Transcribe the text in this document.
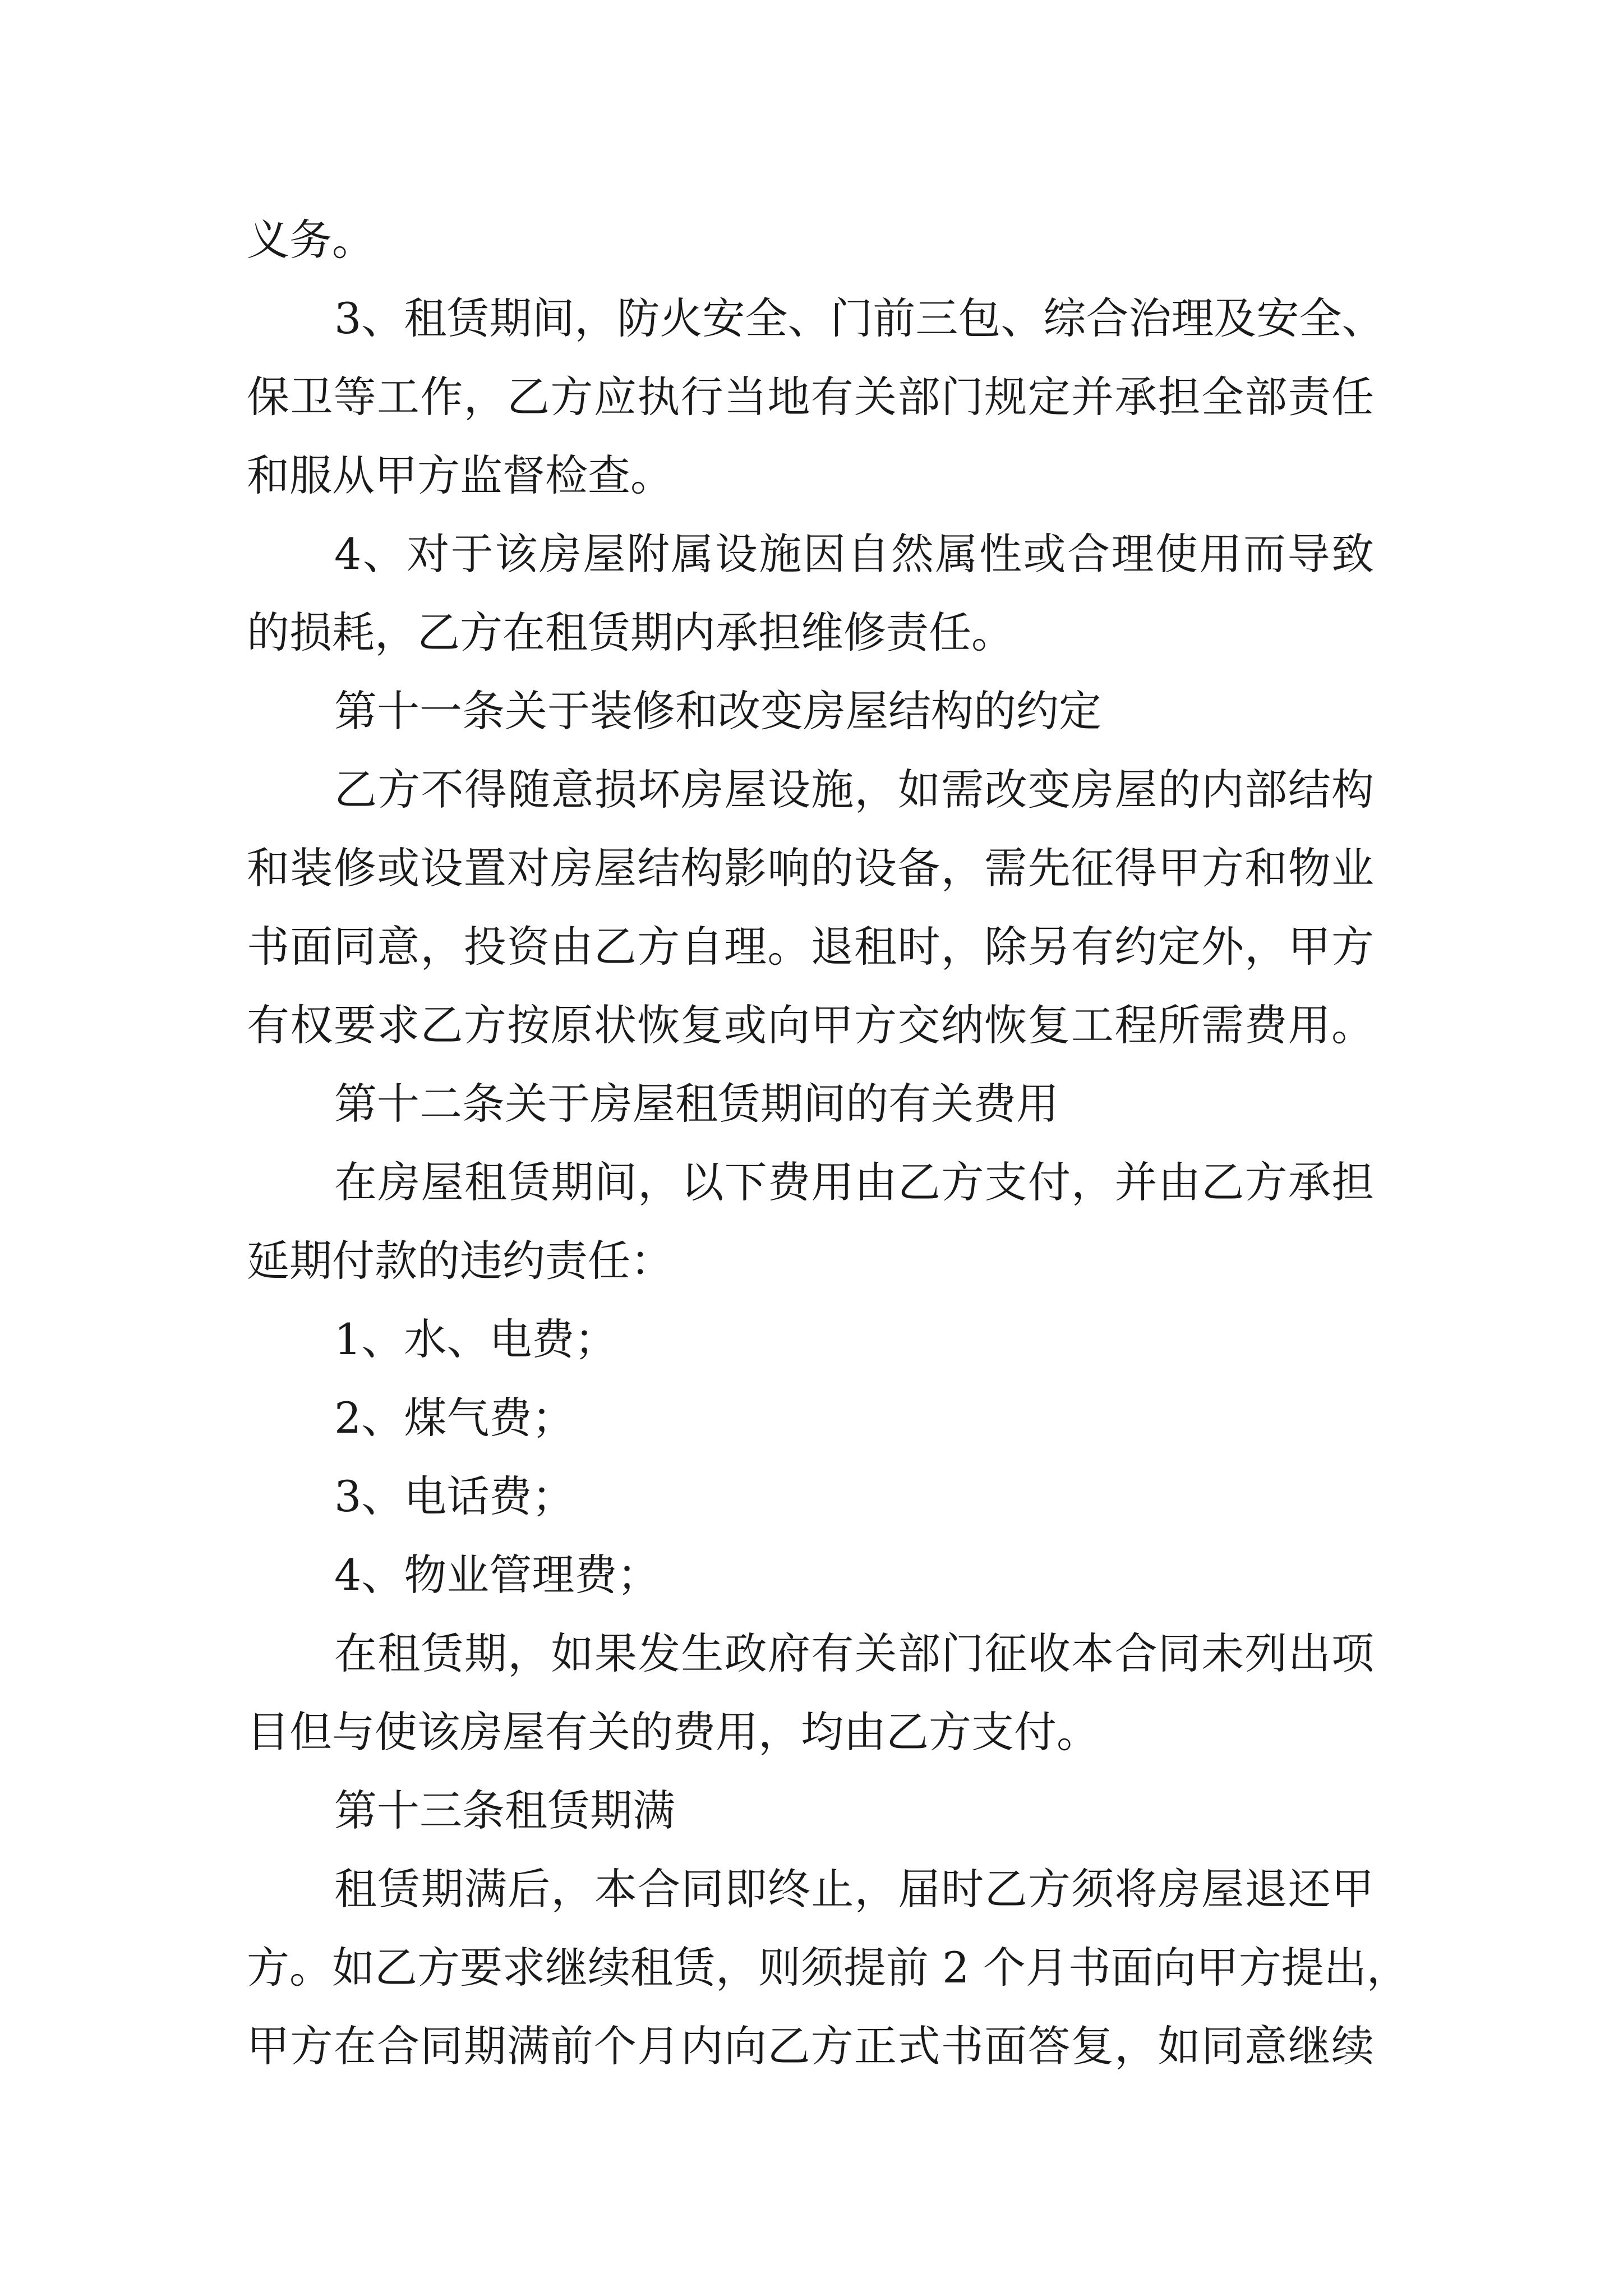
义务。
3、租赁期间，防火安全、门前三包、综合治理及安全、
保卫等工作，乙方应执行当地有关部门规定并承担全部责任
和服从甲方监督检查。
4、对于该房屋附属设施因自然属性或合理使用而导致
的损耗，乙方在租赁期内承担维修责任。
第十一条关于装修和改变房屋结构的约定
乙方不得随意损坏房屋设施，如需改变房屋的内部结构
和装修或设置对房屋结构影响的设备，需先征得甲方和物业
书面同意，投资由乙方自理。退租时，除另有约定外，甲方
有权要求乙方按原状恢复或向甲方交纳恢复工程所需费用。
第十二条关于房屋租赁期间的有关费用
在房屋租赁期间，以下费用由乙方支付，并由乙方承担
延期付款的违约责任：
1、水、电费；
2、煤气费；
3、电话费；
4、物业管理费；
在租赁期，如果发生政府有关部门征收本合同未列出项
目但与使该房屋有关的费用，均由乙方支付。
第十三条租赁期满
租赁期满后，本合同即终止，届时乙方须将房屋退还甲
方。如乙方要求继续租赁，则须提前 2 个月书面向甲方提出，
甲方在合同期满前个月内向乙方正式书面答复，如同意继续
